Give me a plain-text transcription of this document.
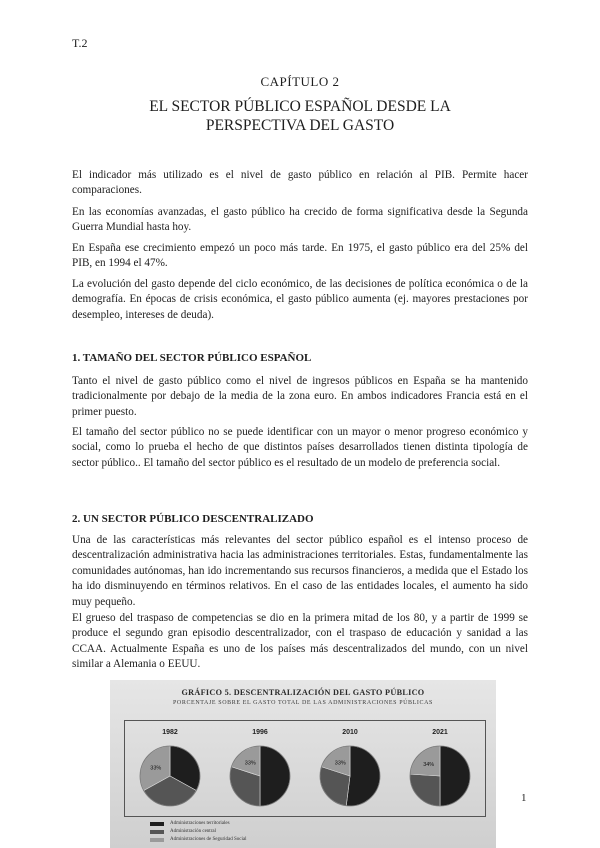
T.2
CAPÍTULO 2
EL SECTOR PÚBLICO ESPAÑOL DESDE LA PERSPECTIVA DEL GASTO

El indicador más utilizado es el nivel de gasto público en relación al PIB. Permite hacer comparaciones.

En las economías avanzadas, el gasto público ha crecido de forma significativa desde la Segunda Guerra Mundial hasta hoy.

En España ese crecimiento empezó un poco más tarde. En 1975, el gasto público era del 25% del PIB, en 1994 el 47%.

La evolución del gasto depende del ciclo económico, de las decisiones de política económica o de la demografía. En épocas de crisis económica, el gasto público aumenta (ej. mayores prestaciones por desempleo, intereses de deuda).

1. TAMAÑO DEL SECTOR PÚBLICO ESPAÑOL

Tanto el nivel de gasto público como el nivel de ingresos públicos en España se ha mantenido tradicionalmente por debajo de la media de la zona euro. En ambos indicadores Francia está en el primer puesto.

El tamaño del sector público no se puede identificar con un mayor o menor progreso económico y social, como lo prueba el hecho de que distintos países desarrollados tienen distinta tipología de sector público.. El tamaño del sector público es el resultado de un modelo de preferencia social.

2. UN SECTOR PÚBLICO DESCENTRALIZADO

Una de las características más relevantes del sector público español es el intenso proceso de descentralización administrativa hacia las administraciones territoriales. Estas, fundamentalmente las comunidades autónomas, han ido incrementando sus recursos financieros, a medida que el Estado los ha ido disminuyendo en términos relativos. En el caso de las entidades locales, el aumento ha sido muy pequeño.

El grueso del traspaso de competencias se dio en la primera mitad de los 80, y a partir de 1999 se produce el segundo gran episodio descentralizador, con el traspaso de educación y sanidad a las CCAA. Actualmente España es uno de los países más descentralizados del mundo, con un nivel similar a Alemania o EEUU.

GRÁFICO 5. DESCENTRALIZACIÓN DEL GASTO PÚBLICO
PORCENTAJE SOBRE EL GASTO TOTAL DE LAS ADMINISTRACIONES PÚBLICAS
1982
33%
1996
33%
2010
33%
2021
34%
Administraciones territoriales
Administración central
Administraciones de Seguridad Social
1
